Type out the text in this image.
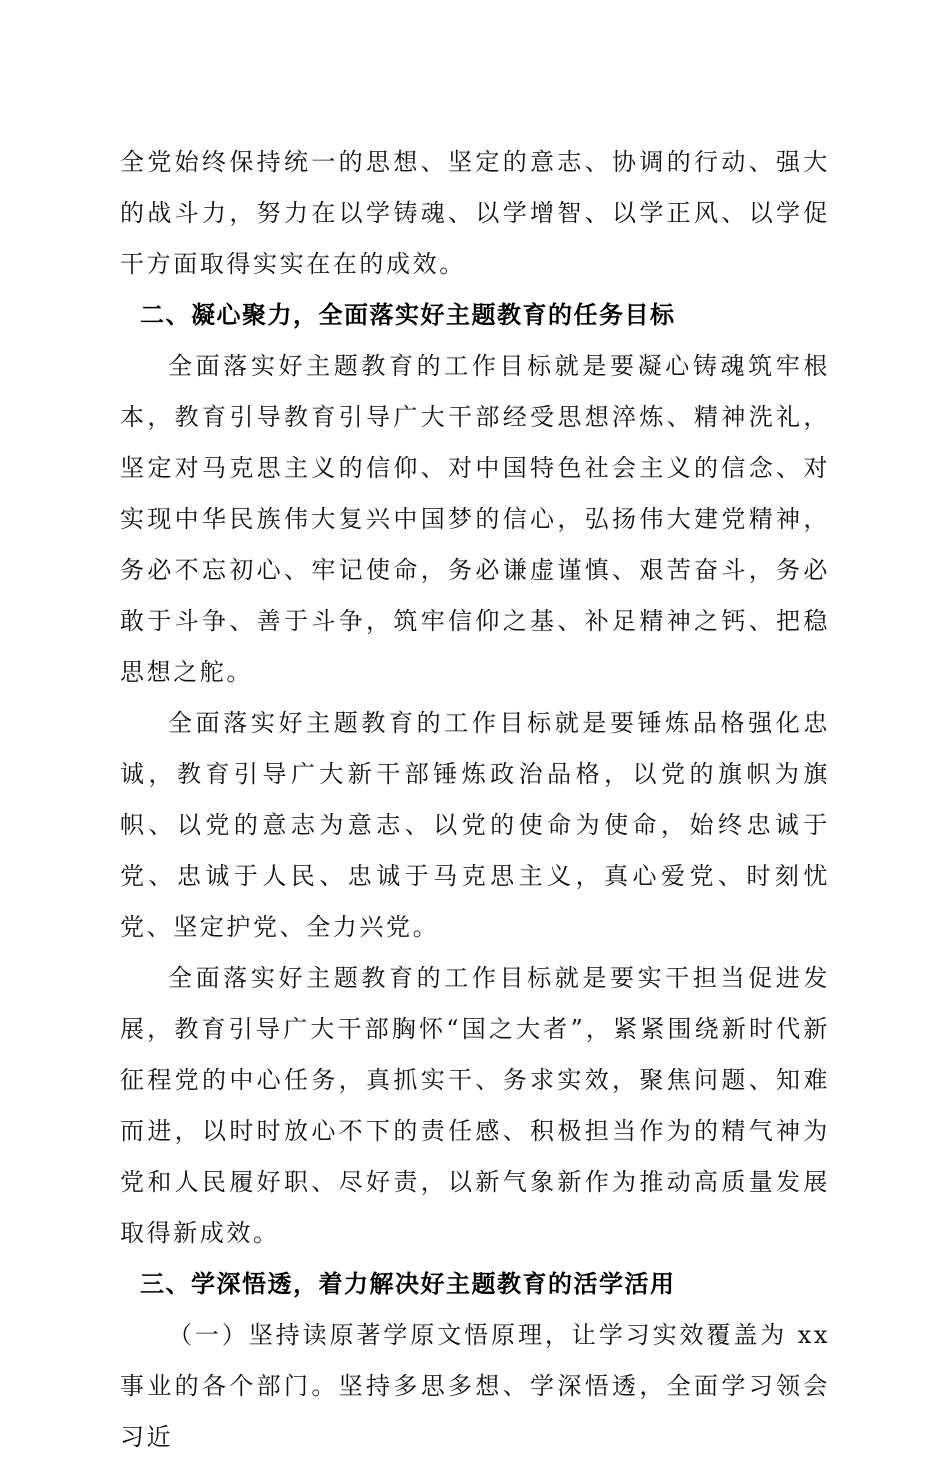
全党始终保持统一的思想、坚定的意志、协调的行动、强大的战斗力，努力在以学铸魂、以学增智、以学正风、以学促干方面取得实实在在的成效。

二、凝心聚力，全面落实好主题教育的任务目标

全面落实好主题教育的工作目标就是要凝心铸魂筑牢根本，教育引导教育引导广大干部经受思想淬炼、精神洗礼，坚定对马克思主义的信仰、对中国特色社会主义的信念、对实现中华民族伟大复兴中国梦的信心，弘扬伟大建党精神，务必不忘初心、牢记使命，务必谦虚谨慎、艰苦奋斗，务必敢于斗争、善于斗争，筑牢信仰之基、补足精神之钙、把稳思想之舵。

全面落实好主题教育的工作目标就是要锤炼品格强化忠诚，教育引导广大新干部锤炼政治品格，以党的旗帜为旗帜、以党的意志为意志、以党的使命为使命，始终忠诚于党、忠诚于人民、忠诚于马克思主义，真心爱党、时刻忧党、坚定护党、全力兴党。

全面落实好主题教育的工作目标就是要实干担当促进发展，教育引导广大干部胸怀“国之大者”，紧紧围绕新时代新征程党的中心任务，真抓实干、务求实效，聚焦问题、知难而进，以时时放心不下的责任感、积极担当作为的精气神为党和人民履好职、尽好责，以新气象新作为推动高质量发展取得新成效。

三、学深悟透，着力解决好主题教育的活学活用

（一）坚持读原著学原文悟原理，让学习实效覆盖为 xx 事业的各个部门。坚持多思多想、学深悟透，全面学习领会习近
